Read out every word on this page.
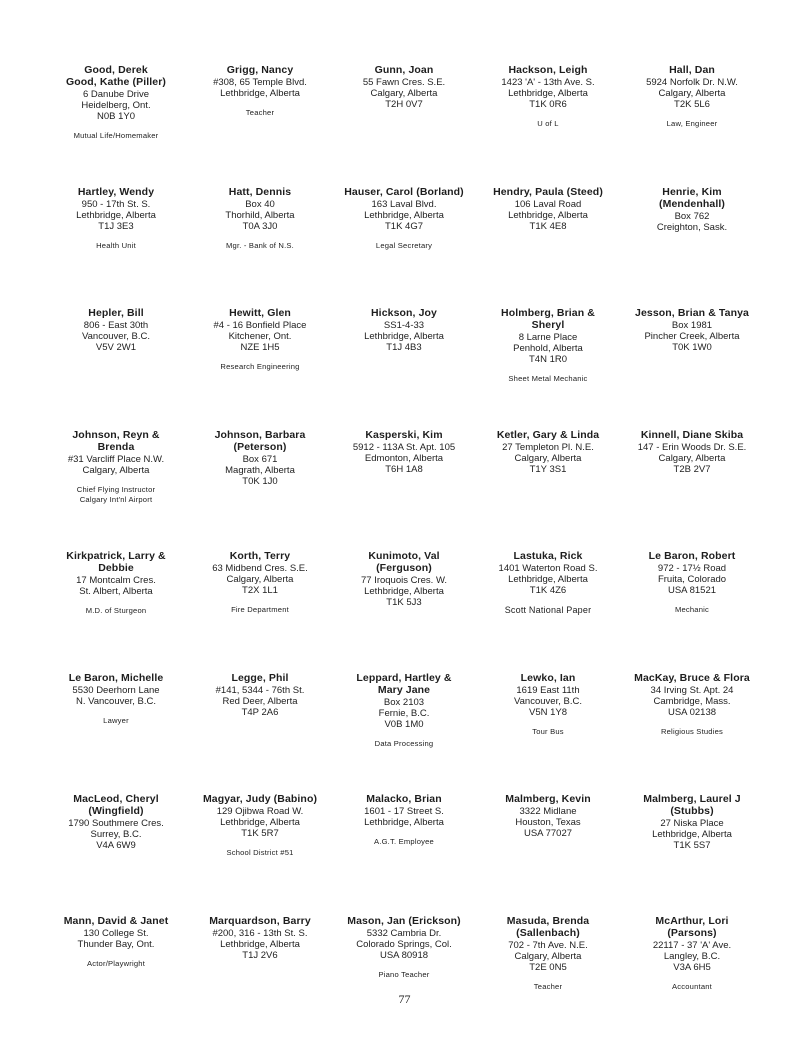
Good, Derek
Good, Kathe (Piller)
6 Danube Drive
Heidelberg, Ont.
N0B 1Y0
Mutual Life/Homemaker
Grigg, Nancy
#308, 65 Temple Blvd.
Lethbridge, Alberta
Teacher
Gunn, Joan
55 Fawn Cres. S.E.
Calgary, Alberta
T2H 0V7
Hackson, Leigh
1423 'A' - 13th Ave. S.
Lethbridge, Alberta
T1K 0R6
U of L
Hall, Dan
5924 Norfolk Dr. N.W.
Calgary, Alberta
T2K 5L6
Law, Engineer
Hartley, Wendy
950 - 17th St. S.
Lethbridge, Alberta
T1J 3E3
Health Unit
Hatt, Dennis
Box 40
Thorhild, Alberta
T0A 3J0
Mgr. - Bank of N.S.
Hauser, Carol (Borland)
163 Laval Blvd.
Lethbridge, Alberta
T1K 4G7
Legal Secretary
Hendry, Paula (Steed)
106 Laval Road
Lethbridge, Alberta
T1K 4E8
Henrie, Kim
(Mendenhall)
Box 762
Creighton, Sask.
Hepler, Bill
806 - East 30th
Vancouver, B.C.
V5V 2W1
Hewitt, Glen
#4 - 16 Bonfield Place
Kitchener, Ont.
NZE 1H5
Research Engineering
Hickson, Joy
SS1-4-33
Lethbridge, Alberta
T1J 4B3
Holmberg, Brian &
Sheryl
8 Larne Place
Penhold, Alberta
T4N 1R0
Sheet Metal Mechanic
Jesson, Brian & Tanya
Box 1981
Pincher Creek, Alberta
T0K 1W0
Johnson, Reyn &
Brenda
#31 Varcliff Place N.W.
Calgary, Alberta
Chief Flying Instructor
Calgary Int'nl Airport
Johnson, Barbara
(Peterson)
Box 671
Magrath, Alberta
T0K 1J0
Kasperski, Kim
5912 - 113A St. Apt. 105
Edmonton, Alberta
T6H 1A8
Ketler, Gary & Linda
27 Templeton Pl. N.E.
Calgary, Alberta
T1Y 3S1
Kinnell, Diane Skiba
147 - Erin Woods Dr. S.E.
Calgary, Alberta
T2B 2V7
Kirkpatrick, Larry &
Debbie
17 Montcalm Cres.
St. Albert, Alberta
M.D. of Sturgeon
Korth, Terry
63 Midbend Cres. S.E.
Calgary, Alberta
T2X 1L1
Fire Department
Kunimoto, Val
(Ferguson)
77 Iroquois Cres. W.
Lethbridge, Alberta
T1K 5J3
Lastuka, Rick
1401 Waterton Road S.
Lethbridge, Alberta
T1K 4Z6
Scott National Paper
Le Baron, Robert
972 - 17½ Road
Fruita, Colorado
USA 81521
Mechanic
Le Baron, Michelle
5530 Deerhorn Lane
N. Vancouver, B.C.
Lawyer
Legge, Phil
#141, 5344 - 76th St.
Red Deer, Alberta
T4P 2A6
Leppard, Hartley &
Mary Jane
Box 2103
Fernie, B.C.
V0B 1M0
Data Processing
Lewko, Ian
1619 East 11th
Vancouver, B.C.
V5N 1Y8
Tour Bus
MacKay, Bruce & Flora
34 Irving St. Apt. 24
Cambridge, Mass.
USA 02138
Religious Studies
MacLeod, Cheryl
(Wingfield)
1790 Southmere Cres.
Surrey, B.C.
V4A 6W9
Magyar, Judy (Babino)
129 Ojibwa Road W.
Lethbridge, Alberta
T1K 5R7
School District #51
Malacko, Brian
1601 - 17 Street S.
Lethbridge, Alberta
A.G.T. Employee
Malmberg, Kevin
3322 Midlane
Houston, Texas
USA 77027
Malmberg, Laurel J
(Stubbs)
27 Niska Place
Lethbridge, Alberta
T1K 5S7
Mann, David & Janet
130 College St.
Thunder Bay, Ont.
Actor/Playwright
Marquardson, Barry
#200, 316 - 13th St. S.
Lethbridge, Alberta
T1J 2V6
Mason, Jan (Erickson)
5332 Cambria Dr.
Colorado Springs, Col.
USA 80918
Piano Teacher
Masuda, Brenda
(Sallenbach)
702 - 7th Ave. N.E.
Calgary, Alberta
T2E 0N5
Teacher
McArthur, Lori
(Parsons)
22117 - 37 'A' Ave.
Langley, B.C.
V3A 6H5
Accountant
77
